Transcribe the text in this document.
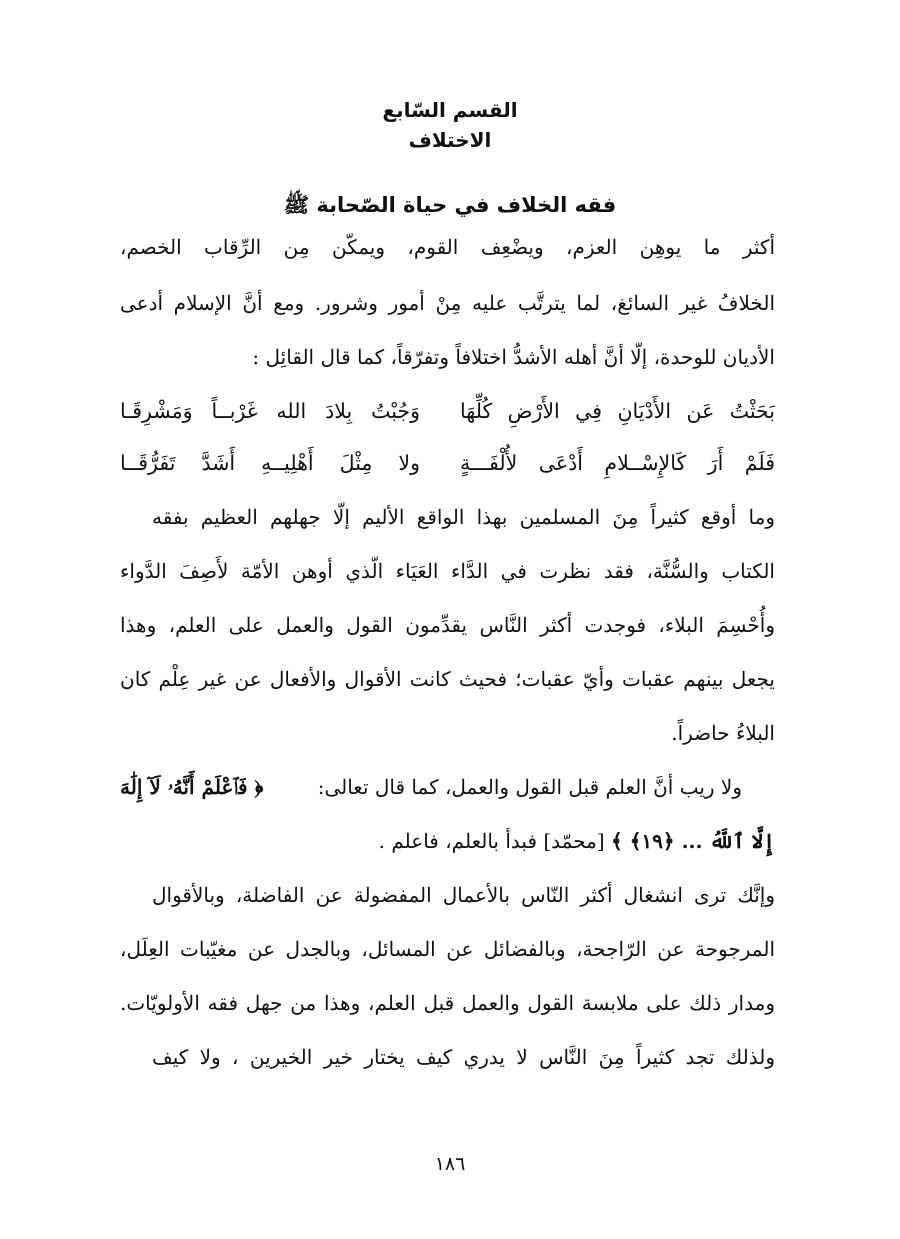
القسم السّابع
الاختلاف
فقه الخلاف في حياة الصّحابة ﷺ
أكثر ما يوهِن العزم، ويضْعِف القوم، ويمكّن مِن الرِّقاب الخصم،
الخلافُ غير السائغ، لما يترتَّب عليه مِنْ أمور وشرور. ومع أنَّ الإسلام أدعى
الأديان للوحدة، إلّا أنَّ أهله الأشدُّ اختلافاً وتفرّقاً، كما قال القائِل :
بَحَثْتُ عَن الأَدْيَانِ فِي الأَرْضِ كُلِّهَا
وَجُبْتُ بِلادَ الله غَرْبــاً وَمَشْرِقَـا
فَلَمْ أَرَ كَالإِسْــلامِ أَدْعَى لأُلْفَـــةٍ
ولا مِثْلَ أَهْلِيــهِ أَشَدَّ تَفَرُّقَــا
وما أوقع كثيراً مِنَ المسلمين بهذا الواقع الأليم إلّا جهلهم العظيم بفقه
الكتاب والسُّنَّة، فقد نظرت في الدَّاء العَيَاء الّذي أوهن الأمّة لأَصِفَ الدَّواء
وأُحْسِمَ البلاء، فوجدت أكثر النَّاس يقدِّمون القول والعمل على العلم، وهذا
يجعل بينهم عقبات وأيّ عقبات؛ فحيث كانت الأقوال والأفعال عن غير عِلْم كان
البلاءُ حاضراً.
ولا ريب أنَّ العلم قبل القول والعمل، كما قال تعالى:
﴿ فَٱعْلَمْ أَنَّهُۥ لَآ إِلَٰهَ
إِلَّا ٱللَّهُ ... ﴿١٩﴾ ﴾ [محمّد] فبدأ بالعلم، فاعلم .
وإنَّك ترى انشغال أكثر النّاس بالأعمال المفضولة عن الفاضلة، وبالأقوال
المرجوحة عن الرّاجحة، وبالفضائل عن المسائل، وبالجدل عن مغيّبات العِلَل،
ومدار ذلك على ملابسة القول والعمل قبل العلم، وهذا من جهل فقه الأولويّات.
ولذلك تجد كثيراً مِنَ النَّاس لا يدري كيف يختار خير الخيرين ، ولا كيف
١٨٦
